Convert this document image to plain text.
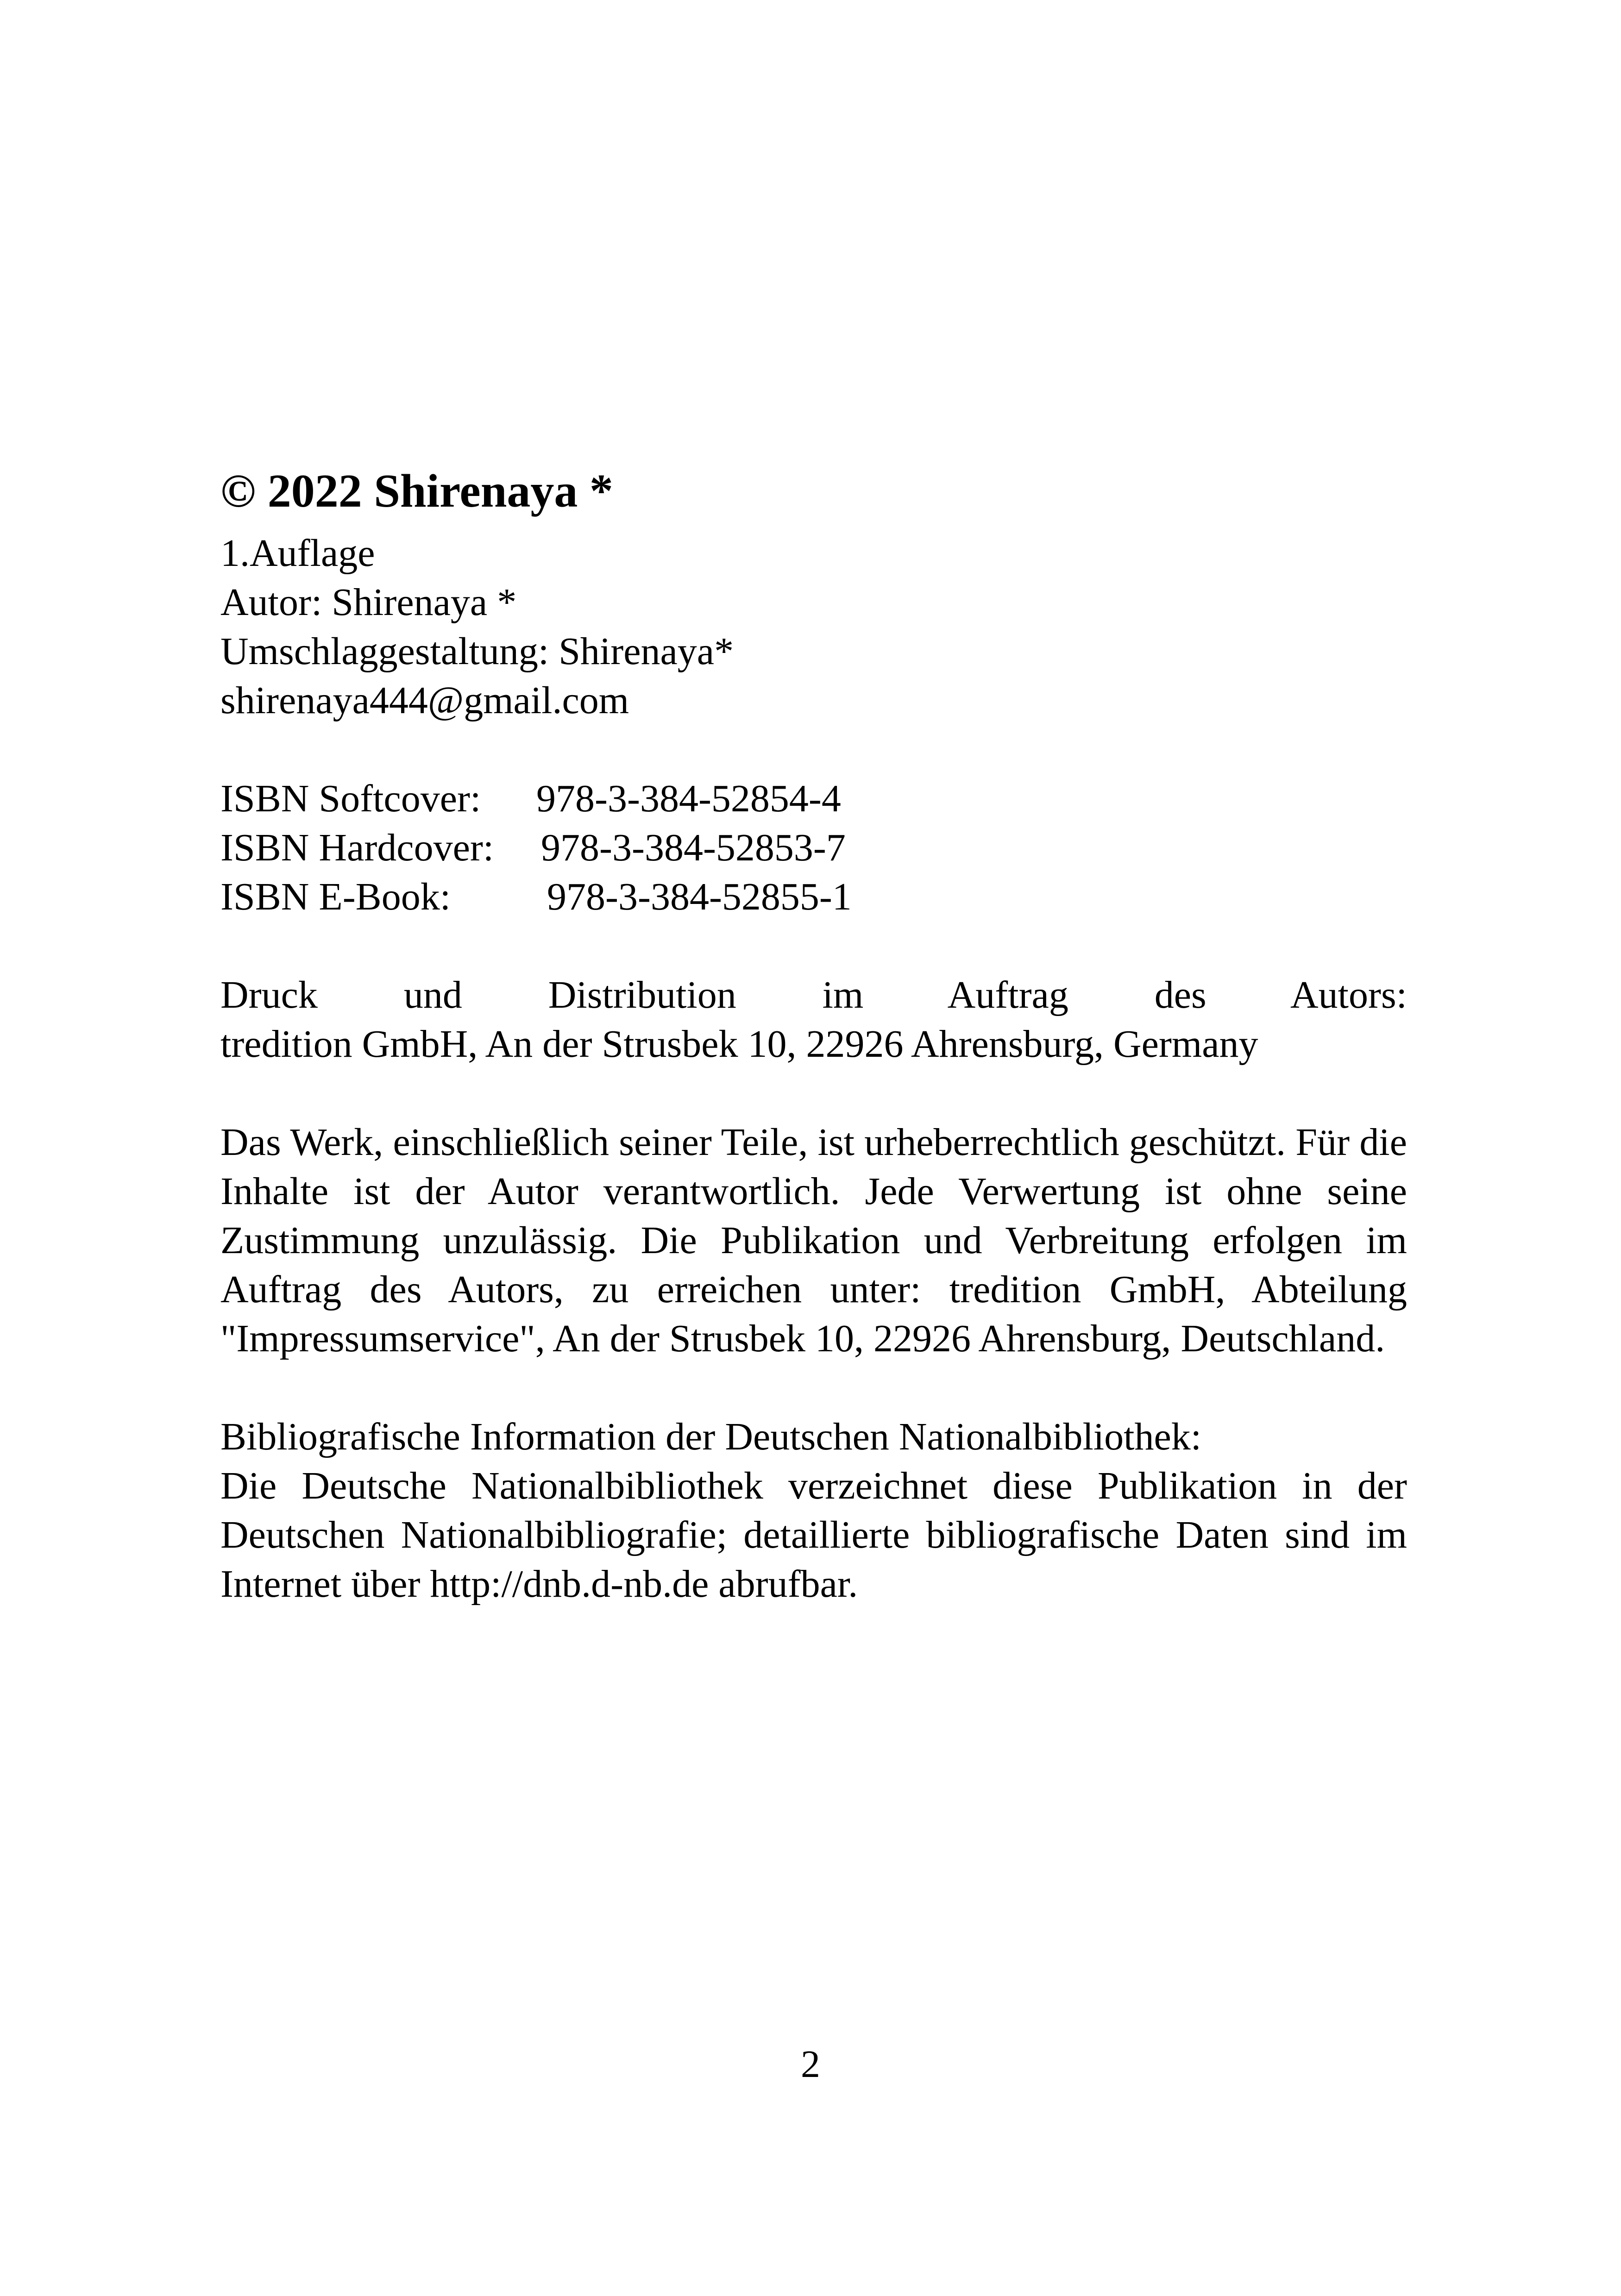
© 2022 Shirenaya *

1.Auflage

Autor: Shirenaya *

Umschlaggestaltung: Shirenaya*

shirenaya444@gmail.com

ISBN Softcover:	978-3-384-52854-4
ISBN Hardcover:	978-3-384-52853-7
ISBN E-Book:	978-3-384-52855-1

Druck und Distribution im Auftrag des Autors:

tredition GmbH, An der Strusbek 10, 22926 Ahrensburg, Germany

Das Werk, einschließlich seiner Teile, ist urheberrechtlich geschützt. Für die Inhalte ist der Autor verantwortlich. Jede Verwertung ist ohne seine Zustimmung unzulässig. Die Publikation und Verbreitung erfolgen im Auftrag des Autors, zu erreichen unter: tredition GmbH, Abteilung "Impressumservice", An der Strusbek 10, 22926 Ahrensburg, Deutschland.

Bibliografische Information der Deutschen Nationalbibliothek:

Die Deutsche Nationalbibliothek verzeichnet diese Publikation in der Deutschen Nationalbibliografie; detaillierte bibliografische Daten sind im Internet über http://dnb.d-nb.de abrufbar.

2
